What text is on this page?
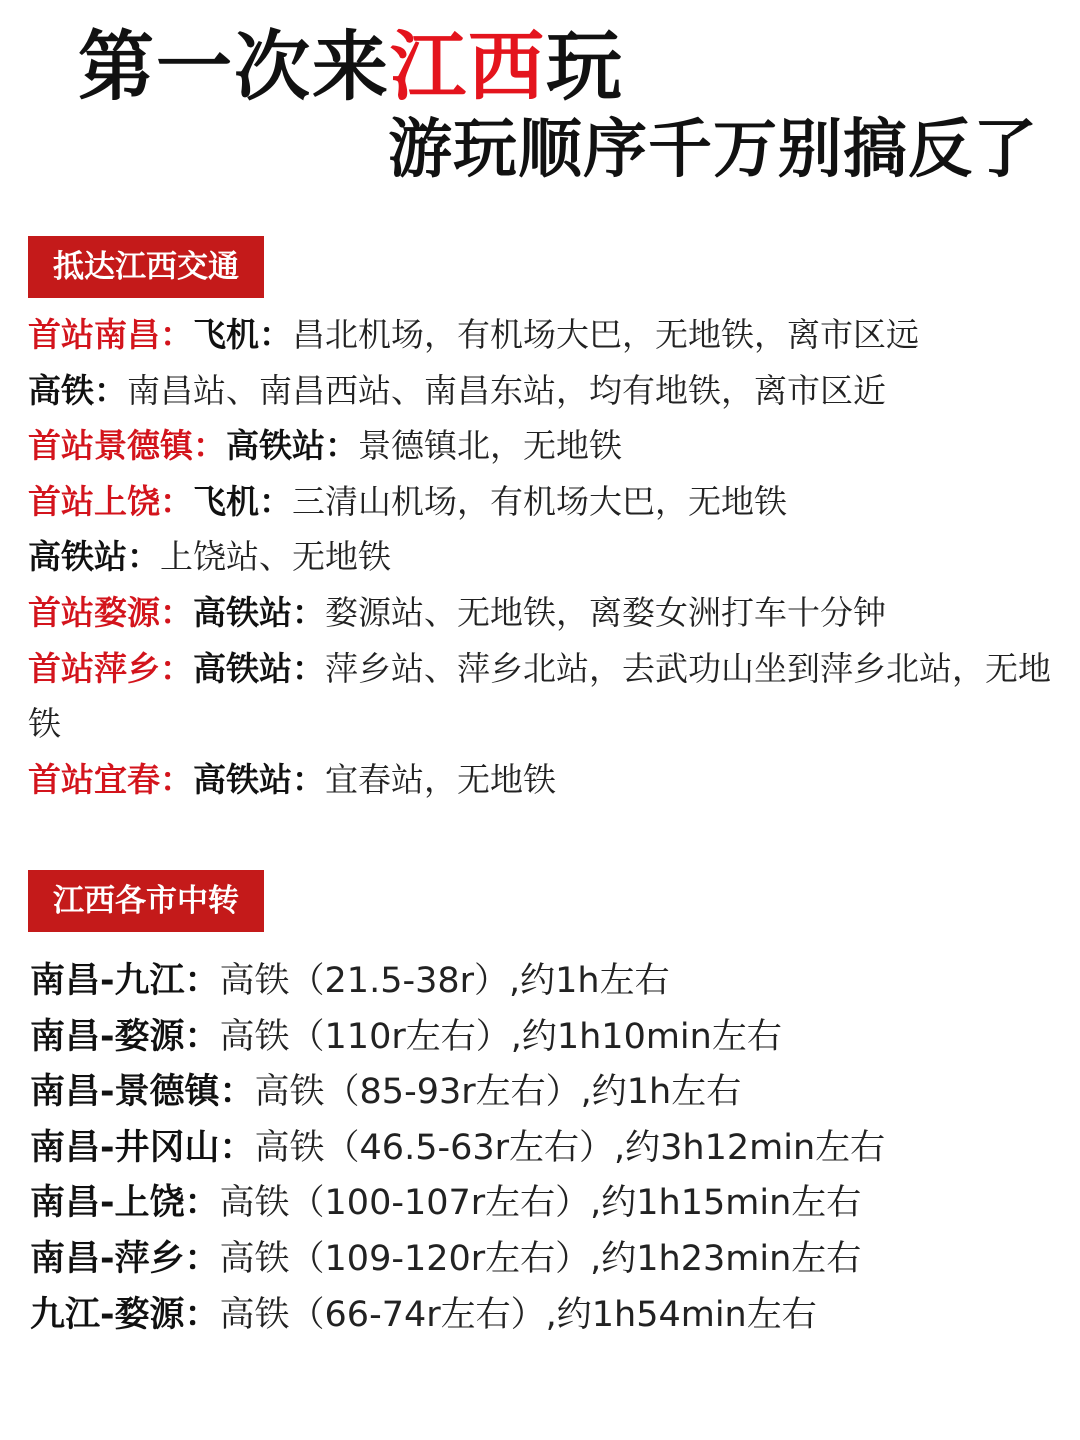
第一次来江西玩
游玩顺序千万别搞反了
抵达江西交通
首站南昌：飞机：昌北机场，有机场大巴，无地铁，离市区远
高铁：南昌站、南昌西站、南昌东站，均有地铁，离市区近
首站景德镇：高铁站：景德镇北，无地铁
首站上饶：飞机：三清山机场，有机场大巴，无地铁
高铁站：上饶站、无地铁
首站婺源：高铁站：婺源站、无地铁，离婺女洲打车十分钟
首站萍乡：高铁站：萍乡站、萍乡北站，去武功山坐到萍乡北站，无地铁
首站宜春：高铁站：宜春站，无地铁
江西各市中转
南昌-九江：高铁（21.5-38r）,约1h左右
南昌-婺源：高铁（110r左右）,约1h10min左右
南昌-景德镇：高铁（85-93r左右）,约1h左右
南昌-井冈山：高铁（46.5-63r左右）,约3h12min左右
南昌-上饶：高铁（100-107r左右）,约1h15min左右
南昌-萍乡：高铁（109-120r左右）,约1h23min左右
九江-婺源：高铁（66-74r左右）,约1h54min左右
